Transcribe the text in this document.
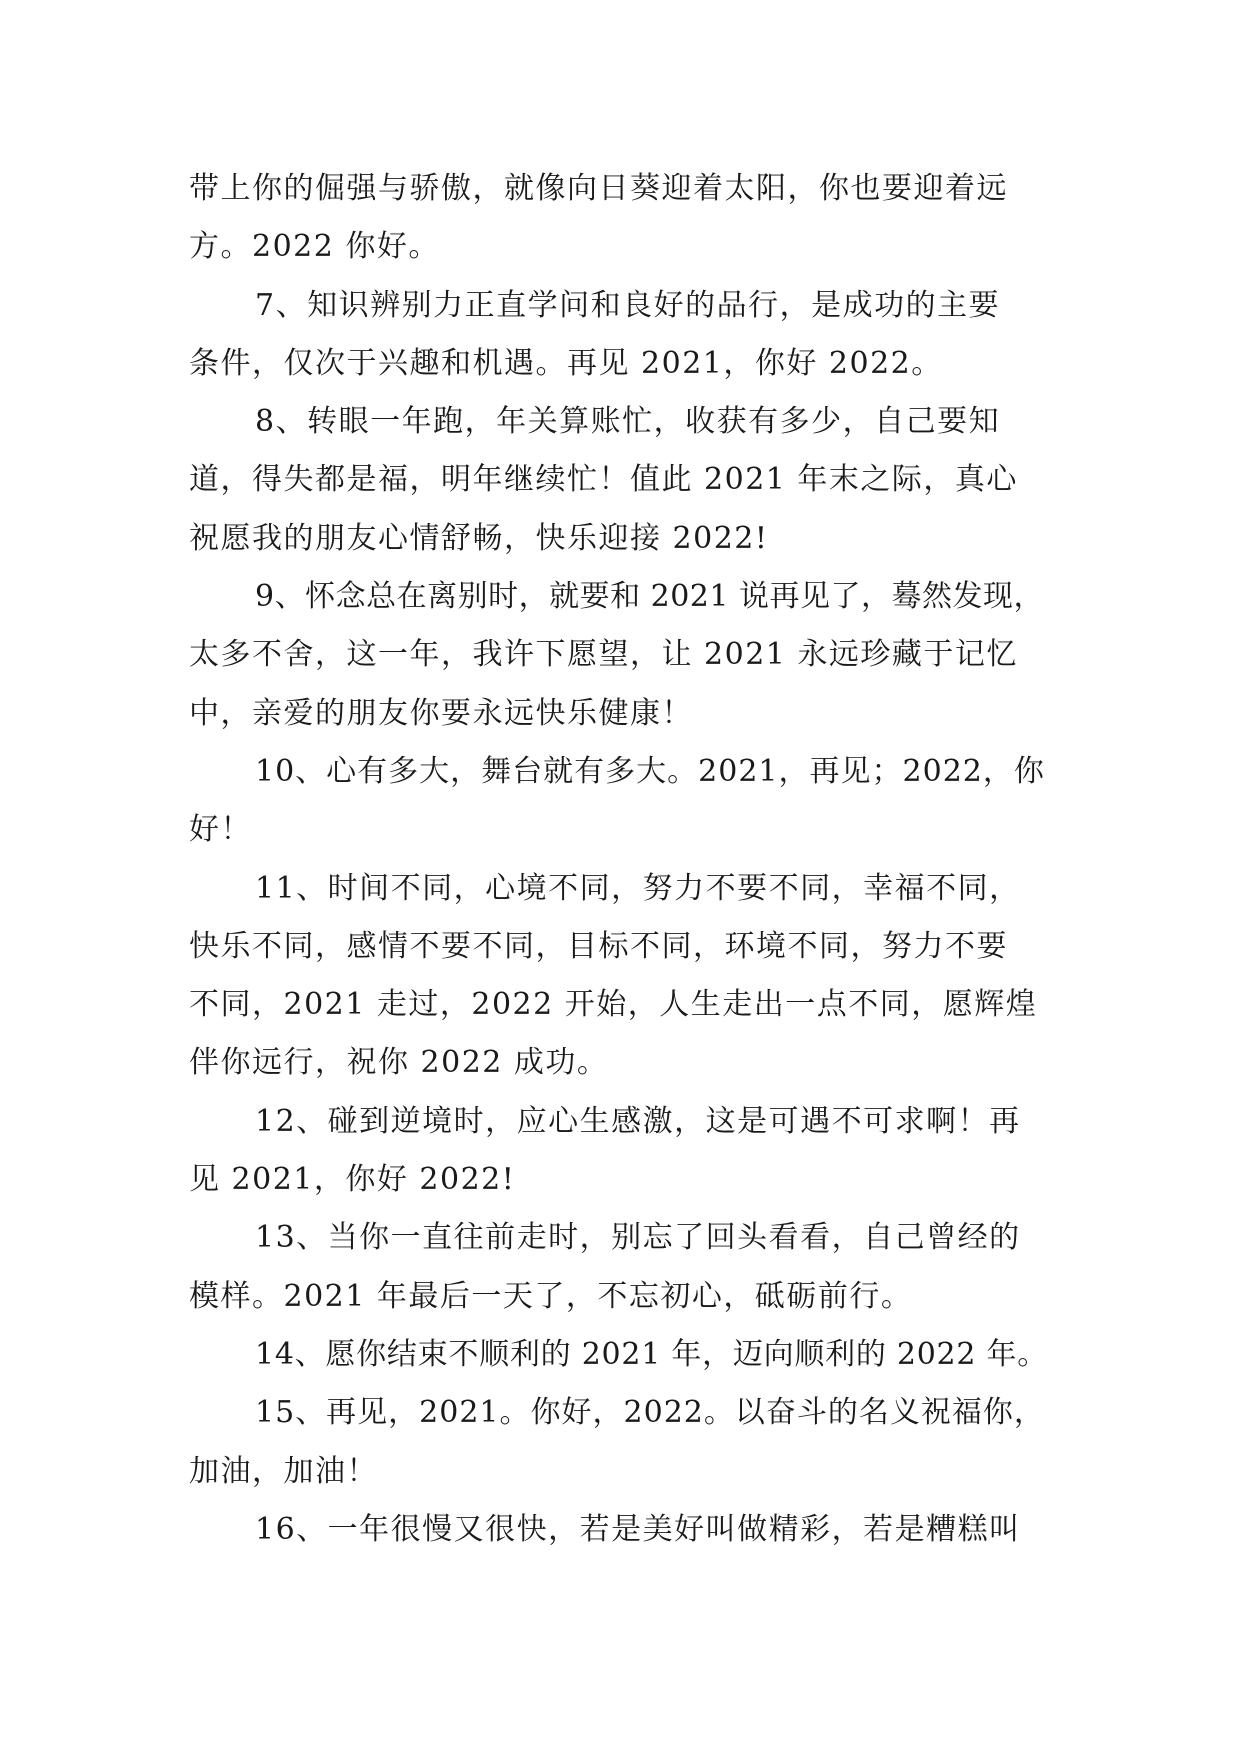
带上你的倔强与骄傲，就像向日葵迎着太阳，你也要迎着远
方。2022 你好。
7、知识辨别力正直学问和良好的品行，是成功的主要
条件，仅次于兴趣和机遇。再见 2021，你好 2022。
8、转眼一年跑，年关算账忙，收获有多少，自己要知
道，得失都是福，明年继续忙！值此 2021 年末之际，真心
祝愿我的朋友心情舒畅，快乐迎接 2022!
9、怀念总在离别时，就要和 2021 说再见了，蓦然发现，
太多不舍，这一年，我许下愿望，让 2021 永远珍藏于记忆
中，亲爱的朋友你要永远快乐健康！
10、心有多大，舞台就有多大。2021，再见；2022，你
好！
11、时间不同，心境不同，努力不要不同，幸福不同，
快乐不同，感情不要不同，目标不同，环境不同，努力不要
不同，2021 走过，2022 开始，人生走出一点不同，愿辉煌
伴你远行，祝你 2022 成功。
12、碰到逆境时，应心生感激，这是可遇不可求啊！再
见 2021，你好 2022!
13、当你一直往前走时，别忘了回头看看，自己曾经的
模样。2021 年最后一天了，不忘初心，砥砺前行。
14、愿你结束不顺利的 2021 年，迈向顺利的 2022 年。
15、再见，2021。你好，2022。以奋斗的名义祝福你，
加油，加油！
16、一年很慢又很快，若是美好叫做精彩，若是糟糕叫
